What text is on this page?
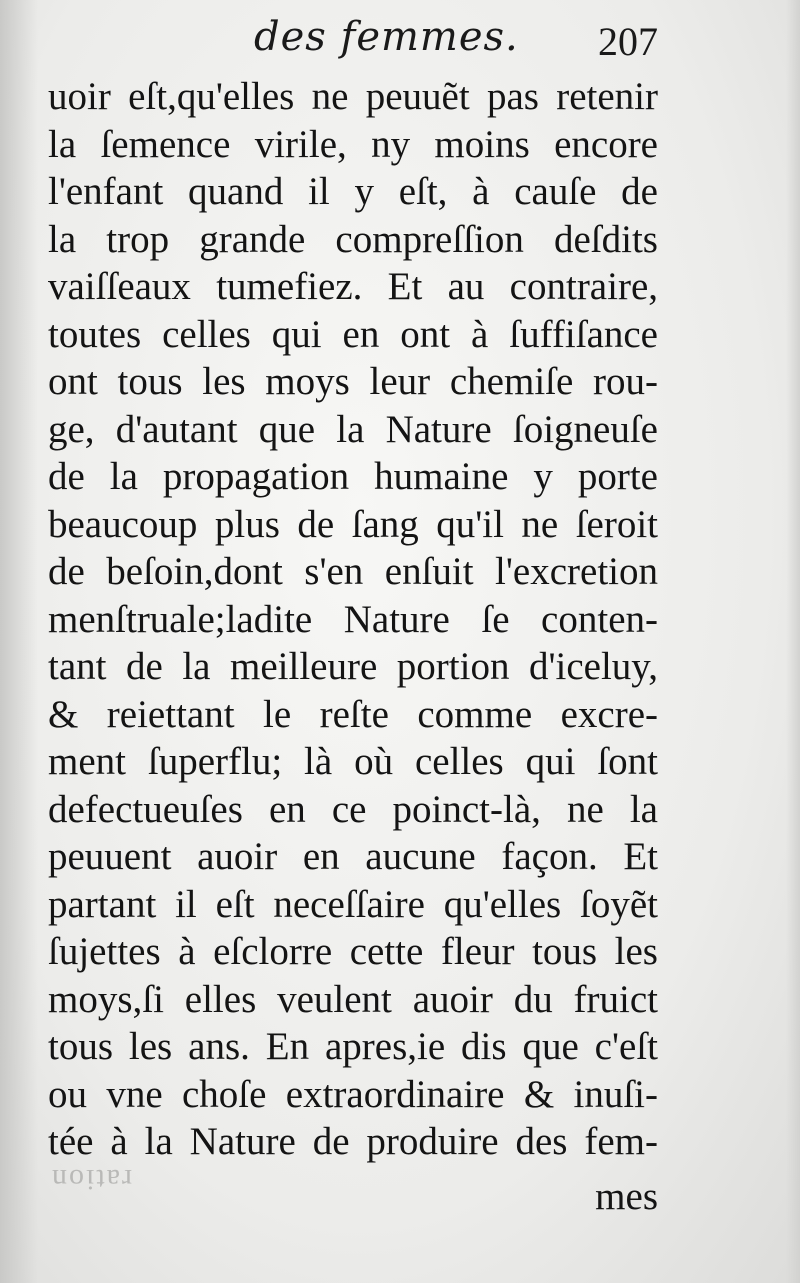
des femmes. 207
uoir eſt,qu'elles ne peuuẽt pas retenir
la ſemence virile, ny moins encore
l'enfant quand il y eſt, à cauſe de
la trop grande compreſſion deſdits
vaiſſeaux tumefiez. Et au contraire,
toutes celles qui en ont à ſuffiſance
ont tous les moys leur chemiſe rou-
ge, d'autant que la Nature ſoigneuſe
de la propagation humaine y porte
beaucoup plus de ſang qu'il ne ſeroit
de beſoin,dont s'en enſuit l'excretion
menſtruale;ladite Nature ſe conten-
tant de la meilleure portion d'iceluy,
& reiettant le reſte comme excre-
ment ſuperflu; là où celles qui ſont
defectueuſes en ce poinct-là, ne la
peuuent auoir en aucune façon. Et
partant il eſt neceſſaire qu'elles ſoyẽt
ſujettes à eſclorre cette fleur tous les
moys,ſi elles veulent auoir du fruict
tous les ans. En apres,ie dis que c'eſt
ou vne choſe extraordinaire & inuſi-
tée à la Nature de produire des fem-
ration	mes
